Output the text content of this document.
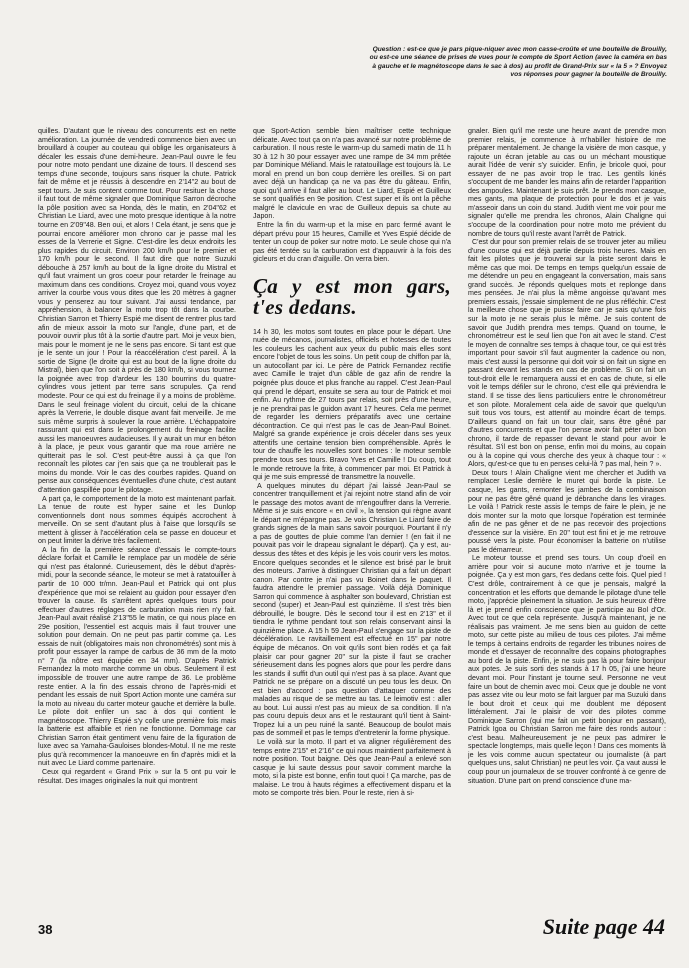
Question : est-ce que je pars pique-niquer avec mon casse-croûte et une bouteille de Brouilly, ou est-ce une séance de prises de vues pour le compte de Sport Action (avec la caméra en bas à gauche et le magnétoscope dans le sac à dos) au profit de Grand-Prix sur « la 5 » ? Envoyez vos réponses pour gagner la bouteille de Brouilly.

quilles. D'autant que le niveau des concurrents est en nette amélioration. La journée de vendredi commence bien avec un brouillard à couper au couteau qui oblige les organisateurs à décaler les essais d'une demi-heure. Jean-Paul ouvre le feu pour notre moto pendant une dizaine de tours. Il descend ses temps d'une seconde, toujours sans risquer la chute. Patrick fait de même et je réussis à descendre en 2'14"2 au bout de sept tours. Je suis content comme tout. Pour resituer la chose il faut tout de même signaler que Dominique Sarron décroche la pôle position avec sa Honda, dès le matin, en 2'04"62 et Christian Le Liard, avec une moto presque identique à la notre tourne en 2'09"48. Ben oui, et alors ! Cela étant, je sens que je pourrai encore améliorer mon chrono car je passe mal les esses de la Verrerie et Signe. C'est-dire les deux endroits les plus rapides du circuit. Environ 200 km/h pour le premier et 170 km/h pour le second. Il faut dire que notre Suzuki débouche à 257 km/h au bout de la ligne droite du Mistral et qu'il faut vraiment un gros coeur pour retarder le freinage au maximum dans ces conditions. Croyez moi, quand vous voyez arriver la courbe vous vous dites que les 20 mètres à gagner vous y penserez au tour suivant. J'ai aussi tendance, par appréhension, à balancer la moto trop tôt dans la courbe. Christian Sarron et Thierry Espié me disent de rentrer plus tard afin de mieux assoir la moto sur l'angle, d'une part, et de pouvoir ouvrir plus tôt à la sortie d'autre part. Moi je veux bien, mais pour le moment je ne le sens pas encore. Si tant est que je le sente un jour ! Pour la réaccélération c'est pareil. À la sortie de Signe (le droite qui est au bout de la ligne droite du Mistral), bien que l'on soit à près de 180 km/h, si vous tournez la poignée avec trop d'ardeur les 130 bourrins du quatre-cylindres vous jettent par terre sans scrupules. Ça rend modeste. Pour ce qui est du freinage il y a moins de problème. Dans le seul freinage violent du circuit, celui de la chicane après la Verrerie, le double disque avant fait merveille. Je me suis même surpris à soulever la roue arrière. L'échappatoire rassurant qui est dans le prolongement du freinage facilite aussi les manoeuvres audacieuses. Il y aurait un mur en béton à la place, je peux vous garantir que ma roue arrière ne quitterait pas le sol. C'est peut-être aussi à ça que l'on reconnaît les pilotes car j'en sais que ça ne troublerait pas le moins du monde. Voir le cas des courbes rapides. Quand on pense aux conséquences éventuelles d'une chute, c'est autant d'attention gaspillée pour le pilotage.

A part ça, le comportement de la moto est maintenant parfait. La tenue de route est hyper saine et les Dunlop conventionnels dont nous sommes équipés accrochent à merveille. On se sent d'autant plus à l'aise que lorsqu'ils se mettent à glisser à l'accélération cela se passe en douceur et on peut limiter la dérive très facilement.

A la fin de la première séance d'essais le compte-tours déclare forfait et Camille le remplace par un modèle de série qui n'est pas étalonné. Curieusement, dès le début d'après-midi, pour la seconde séance, le moteur se met à ratatouiller à partir de 10 000 tr/mn. Jean-Paul et Patrick qui ont plus d'expérience que moi se relaient au guidon pour essayer d'en trouver la cause. Ils s'arrêtent après quelques tours pour effectuer d'autres réglages de carburation mais rien n'y fait. Jean-Paul avait réalisé 2'13"55 le matin, ce qui nous place en 29e position, l'essentiel est acquis mais il faut trouver une solution pour demain. On ne peut pas partir comme ça. Les essais de nuit (obligatoires mais non chronométrés) sont mis à profit pour essayer la rampe de carbus de 36 mm de la moto n° 7 (la nôtre est équipée en 34 mm). D'après Patrick Fernandez la moto marche comme un obus. Seulement il est impossible de trouver une autre rampe de 36. Le problème reste entier. A la fin des essais chrono de l'après-midi et pendant les essais de nuit Sport Action monte une caméra sur la moto au niveau du carter moteur gauche et derrière la bulle. Le pilote doit enfiler un sac à dos qui contient le magnétoscope. Thierry Espié s'y colle une première fois mais la batterie est affaiblie et rien ne fonctionne. Dommage car Christian Sarron était gentiment venu faire de la figuration de luxe avec sa Yamaha-Gauloises blondes-Motul. Il ne me reste plus qu'à recommencer la manoeuvre en fin d'après midi et la nuit avec Le Liard comme partenaire.

Ceux qui regardent « Grand Prix » sur la 5 ont pu voir le résultat. Des images originales la nuit qui montrent

que Sport-Action semble bien maîtriser cette technique délicate. Avec tout ça on n'a pas avancé sur notre problème de carburation. Il nous reste le warm-up du samedi matin de 11 h 30 à 12 h 30 pour essayer avec une rampe de 34 mm prêtée par Dominique Méliand. Mais le ratatouillage est toujours là. Le moral en prend un bon coup derrière les oreilles. Si on part avec déjà un handicap ça ne va pas être du gâteau. Enfin, quoi qu'il arrive il faut aller au bout. Le Liard, Espié et Guilleux se sont qualifiés en 9e position. C'est super et ils ont la pêche malgré le clavicule en vrac de Guilleux depuis sa chute au Japon.

Entre la fin du warm-up et la mise en parc fermé avant le départ prévu pour 15 heures, Camille et Yves Espié décide de tenter un coup de poker sur notre moto. Le seule chose qui n'a pas été tentée su la carburation est d'appauvrir à la fois des gicleurs et du cran d'aiguille. On verra bien.

Ça y est mon gars, t'es dedans.

14 h 30, les motos sont toutes en place pour le départ. Une nuée de mécanos, journalistes, officiels et hotesses de toutes les couleurs les cachent aux yeux du public mais elles sont encore l'objet de tous les soins. Un petit coup de chiffon par là, un autocollant par ici. Le père de Patrick Fernandez rectifie avec Camille le trajet d'un câble de gaz afin de rendre la poignée plus douce et plus franche au rappel. C'est Jean-Paul qui prend le départ, ensuite se sera au tour de Patrick et moi enfin. Au rythme de 27 tours par relais, soit près d'une heure, je ne prendrai pas le guidon avant 17 heures. Cela me permet de regarder les derniers préparatifs avec une certaine décontraction. Ce qui n'est pas le cas de Jean-Paul Boinet. Malgré sa grande expérience je crois déceler dans ses yeux attentifs une certaine tension bien compréhensible. Après le tour de chauffe les nouvelles sont bonnes : le moteur semble prendre tous ses tours. Bravo Yves et Camille ! Du coup, tout le monde retrouve la frite, à commencer par moi. Et Patrick à qui je me suis empressé de transmettre la nouvelle.

A quelques minutes du départ j'ai laissé Jean-Paul se concentrer tranquillement et j'ai rejoint notre stand afin de voir le passage des motos avant de m'engouffrer dans la Verrerie. Même si je suis encore « en civil », la tension qui règne avant le départ ne m'épargne pas. Je vois Christian Le Liard faire de grands signes de la main sans savoir pourquoi. Pourtant il n'y a pas de gouttes de pluie comme l'an dernier ! (en fait il ne pouvait pas voir le drapeau signalant le départ). Ça y est, au-dessus des têtes et des képis je les vois courir vers les motos. Encore quelques secondes et le silence est brisé par le bruit des moteurs. J'arrive à distinguer Christian qui a fait un départ canon. Par contre je n'ai pas vu Boinet dans le paquet. Il faudra attendre le premier passage. Voilà déjà Dominique Sarron qui commence à asphalter son boulevard, Christian est second (super) et Jean-Paul est quinzième. Il s'est très bien débrouillé, le bougre. Dès le second tour il est en 2'13" et il tiendra le rythme pendant tout son relais conservant ainsi la quinzième place. A 15 h 59 Jean-Paul s'engage sur la piste de décélération. Le ravitaillement est effectué en 15" par notre équipe de mécanos. On voit qu'ils sont bien rodés et ça fait plaisir car pour gagner 20" sur la piste il faut se cracher sérieusement dans les pognes alors que pour les perdre dans les stands il suffit d'un outil qui n'est pas à sa place. Avant que Patrick ne se prépare on a discuté un peu tous les deux. On est bien d'accord : pas question d'attaquer comme des malades au risque de se mettre au tas. Le leimotiv est : aller au bout. Lui aussi n'est pas au mieux de sa condition. Il n'a pas couru depuis deux ans et le restaurant qu'il tient à Saint-Tropez lui a un peu ruiné la santé. Beaucoup de boulot mais pas de sommeil et pas le temps d'entretenir la forme physique.

Le voilà sur la moto. Il part et va aligner régulièrement des temps entre 2'15" et 2'16" ce qui nous maintient parfaitement à notre position. Tout baigne. Dès que Jean-Paul a enlevé son casque je lui saute dessus pour savoir comment marche la moto, si la piste est bonne, enfin tout quoi ! Ça marche, pas de malaise. Le trou à hauts régimes a effectivement disparu et la moto se comporte très bien. Pour le reste, rien à si-

gnaler. Bien qu'il me reste une heure avant de prendre mon premier relais, je commence à m'habiller histoire de me préparer mentalement. Je change la visière de mon casque, y rajoute un écran jetable au cas ou un méchant moustique aurait l'idée de venir s'y suicider. Enfin, je bricole quoi, pour essayer de ne pas avoir trop le trac. Les gentils kinés s'occupent de me bander les mains afin de retarder l'apparition des ampoules. Maintenant je suis prêt. Je prends mon casque, mes gants, ma plaque de protection pour le dos et je vais m'asseoir dans un coin du stand. Judith vient me voir pour me signaler qu'elle me prendra les chronos, Alain Chaligne qui s'occupe de la coordination pour notre moto me prévient du nombre de tours qu'il reste avant l'arrêt de Patrick.

C'est dur pour son premier relais de se trouver jeter au milieu d'une course qui est déjà partie depuis trois heures. Mais en fait les pilotes que je trouverai sur la piste seront dans le même cas que moi. De temps en temps quelqu'un essaie de me détendre un peu en engageant la conversation, mais sans grand succès. Je réponds quelques mots et replonge dans mes pensées. Je n'ai plus la même angoisse qu'avant mes premiers essais, j'essaie simplement de ne plus réfléchir. C'est la meilleure chose que je puisse faire car je sais qu'une fois sur la moto je ne serais plus le même. Je suis content de savoir que Judith prendra mes temps. Quand on tourne, le chronométreur est le seul lien que l'on ait avec le stand. C'est le moyen de connaître ses temps à chaque tour, ce qui est très important pour savoir s'il faut augmenter la cadence ou non, mais c'est aussi la personne qui doit voir si on fait un signe en passant devant les stands en cas de problème. Si on fait un tout-droit elle le remarquera aussi et en cas de chute, si elle voit le temps défiler sur le chrono, c'est elle qui préviendra le stand. Il se tisse des liens particuliers entre le chronométreur et son pilote. Moralement cela aide de savoir que quelqu'un suit tous vos tours, est attentif au moindre écart de temps. D'ailleurs quand on fait un tour clair, sans être gêné par d'autres concurrents et que l'on pense avoir fait péter un bon chrono, il tarde de repasser devant le stand pour avoir le résultat. S'il est bon on pense, enfin moi du moins, au copain ou à la copine qui vous cherche des yeux à chaque tour : « Alors, qu'est-ce que tu en penses celui-là ? pas mal, hein ? ».

Deux tours ! Alain Chaligne vient me chercher et Judith va remplacer Leslie derrière le muret qui borde la piste. Le casque, les gants, remonter les jambes de la combinaison pour ne pas être gêné quand je débranche dans les virages. Le voilà ! Patrick reste assis le temps de faire le plein, je ne dois monter sur la moto que lorsque l'opération est terminée afin de ne pas gêner et de ne pas recevoir des projections d'essence sur la visière. En 20" tout est fini et je me retrouve poussé vers la piste. Pour économiser la batterie on n'utilise pas le démarreur.

Le moteur tousse et prend ses tours. Un coup d'oeil en arrière pour voir si aucune moto n'arrive et je tourne la poignée. Ça y est mon gars, t'es dedans cette fois. Quel pied ! C'est drôle, contrairement à ce que je pensais, malgré la concentration et les efforts que demande le pilotage d'une telle moto, j'apprécie pleinement la situation. Je suis heureux d'être là et je prend enfin conscience que je participe au Bol d'Or. Avec tout ce que cela représente. Jusqu'à maintenant, je ne réalisais pas vraiment. Je me sens bien au guidon de cette moto, sur cette piste au milieu de tous ces pilotes. J'ai même le temps à certains endroits de regarder les tribunes noires de monde et d'essayer de reconnaître des copains photographes au bord de la piste. Enfin, je ne suis pas là pour faire bonjour aux potes. Je suis sorti des stands à 17 h 05, j'ai une heure devant moi. Pour l'instant je tourne seul. Personne ne veut faire un bout de chemin avec moi. Ceux que je double ne vont pas assez vite ou leur moto se fait larguer par ma Suzuki dans le bout droit et ceux qui me doublent me déposent littéralement. J'ai le plaisir de voir des pilotes comme Dominique Sarron (qui me fait un petit bonjour en passant), Patrick Igoa ou Christian Sarron me faire des ronds autour : c'est beau. Malheureusement je ne peux pas admirer le spectacle longtemps, mais quelle leçon ! Dans ces moments là je les vois comme aucun spectateur ou journaliste (à part quelques uns, salut Christian) ne peut les voir. Ça vaut aussi le coup pour un journaleux de se trouver confronté à ce genre de situation. D'une part on prend conscience d'une ma-

38	Suite page 44
